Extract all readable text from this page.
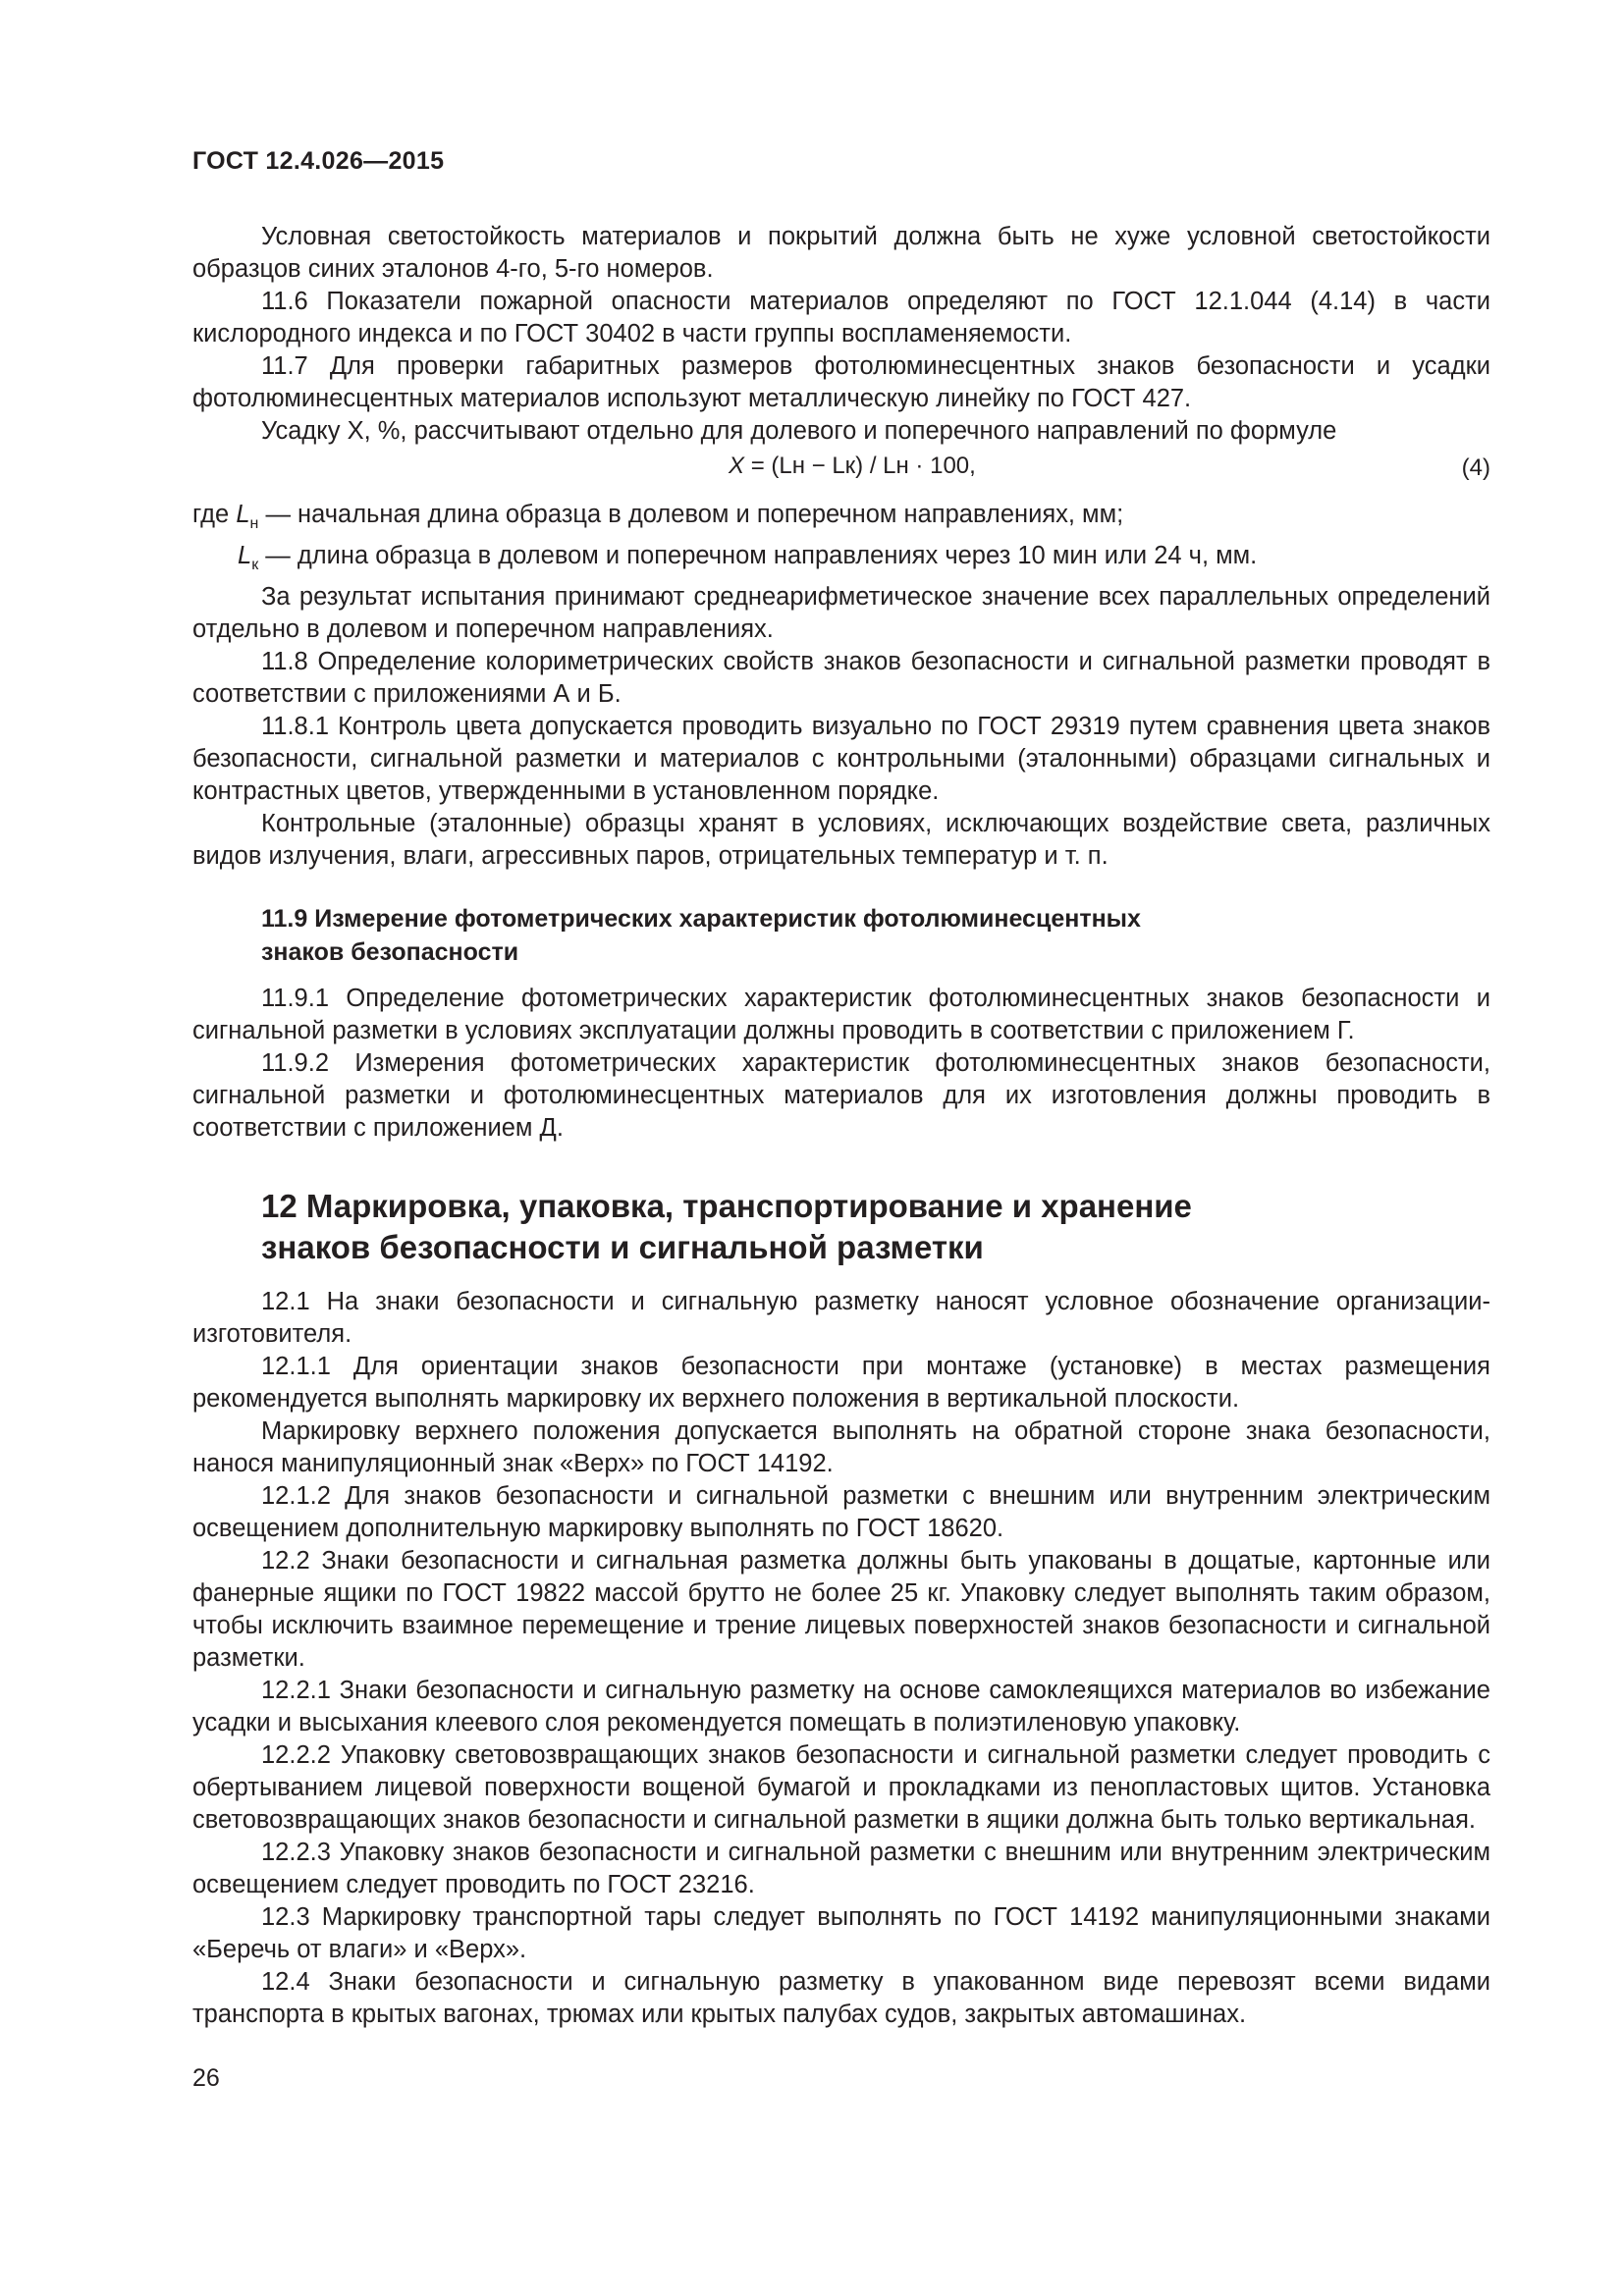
ГОСТ 12.4.026—2015

Условная светостойкость материалов и покрытий должна быть не хуже условной светостойкости образцов синих эталонов 4-го, 5-го номеров.

11.6 Показатели пожарной опасности материалов определяют по ГОСТ 12.1.044 (4.14) в части кислородного индекса и по ГОСТ 30402 в части группы воспламеняемости.

11.7 Для проверки габаритных размеров фотолюминесцентных знаков безопасности и усадки фотолюминесцентных материалов используют металлическую линейку по ГОСТ 427.

Усадку X, %, рассчитывают отдельно для долевого и поперечного направлений по формуле

X = (Lн − Lк) / Lн · 100,	(4)
где $L_н$ — начальная длина образца в долевом и поперечном направлениях, мм;
$L_к$ — длина образца в долевом и поперечном направлениях через 10 мин или 24 ч, мм.

За результат испытания принимают среднеарифметическое значение всех параллельных определений отдельно в долевом и поперечном направлениях.

11.8 Определение колориметрических свойств знаков безопасности и сигнальной разметки проводят в соответствии с приложениями А и Б.

11.8.1 Контроль цвета допускается проводить визуально по ГОСТ 29319 путем сравнения цвета знаков безопасности, сигнальной разметки и материалов с контрольными (эталонными) образцами сигнальных и контрастных цветов, утвержденными в установленном порядке.

Контрольные (эталонные) образцы хранят в условиях, исключающих воздействие света, различных видов излучения, влаги, агрессивных паров, отрицательных температур и т. п.

11.9 Измерение фотометрических характеристик фотолюминесцентных
знаков безопасности

11.9.1 Определение фотометрических характеристик фотолюминесцентных знаков безопасности и сигнальной разметки в условиях эксплуатации должны проводить в соответствии с приложением Г.

11.9.2 Измерения фотометрических характеристик фотолюминесцентных знаков безопасности, сигнальной разметки и фотолюминесцентных материалов для их изготовления должны проводить в соответствии с приложением Д.

12 Маркировка, упаковка, транспортирование и хранение
знаков безопасности и сигнальной разметки

12.1 На знаки безопасности и сигнальную разметку наносят условное обозначение организации-изготовителя.

12.1.1 Для ориентации знаков безопасности при монтаже (установке) в местах размещения рекомендуется выполнять маркировку их верхнего положения в вертикальной плоскости.

Маркировку верхнего положения допускается выполнять на обратной стороне знака безопасности, нанося манипуляционный знак «Верх» по ГОСТ 14192.

12.1.2 Для знаков безопасности и сигнальной разметки с внешним или внутренним электрическим освещением дополнительную маркировку выполнять по ГОСТ 18620.

12.2 Знаки безопасности и сигнальная разметка должны быть упакованы в дощатые, картонные или фанерные ящики по ГОСТ 19822 массой брутто не более 25 кг. Упаковку следует выполнять таким образом, чтобы исключить взаимное перемещение и трение лицевых поверхностей знаков безопасности и сигнальной разметки.

12.2.1 Знаки безопасности и сигнальную разметку на основе самоклеящихся материалов во избежание усадки и высыхания клеевого слоя рекомендуется помещать в полиэтиленовую упаковку.

12.2.2 Упаковку световозвращающих знаков безопасности и сигнальной разметки следует проводить с обертыванием лицевой поверхности вощеной бумагой и прокладками из пенопластовых щитов. Установка световозвращающих знаков безопасности и сигнальной разметки в ящики должна быть только вертикальная.

12.2.3 Упаковку знаков безопасности и сигнальной разметки с внешним или внутренним электрическим освещением следует проводить по ГОСТ 23216.

12.3 Маркировку транспортной тары следует выполнять по ГОСТ 14192 манипуляционными знаками «Беречь от влаги» и «Верх».

12.4 Знаки безопасности и сигнальную разметку в упакованном виде перевозят всеми видами транспорта в крытых вагонах, трюмах или крытых палубах судов, закрытых автомашинах.

26
